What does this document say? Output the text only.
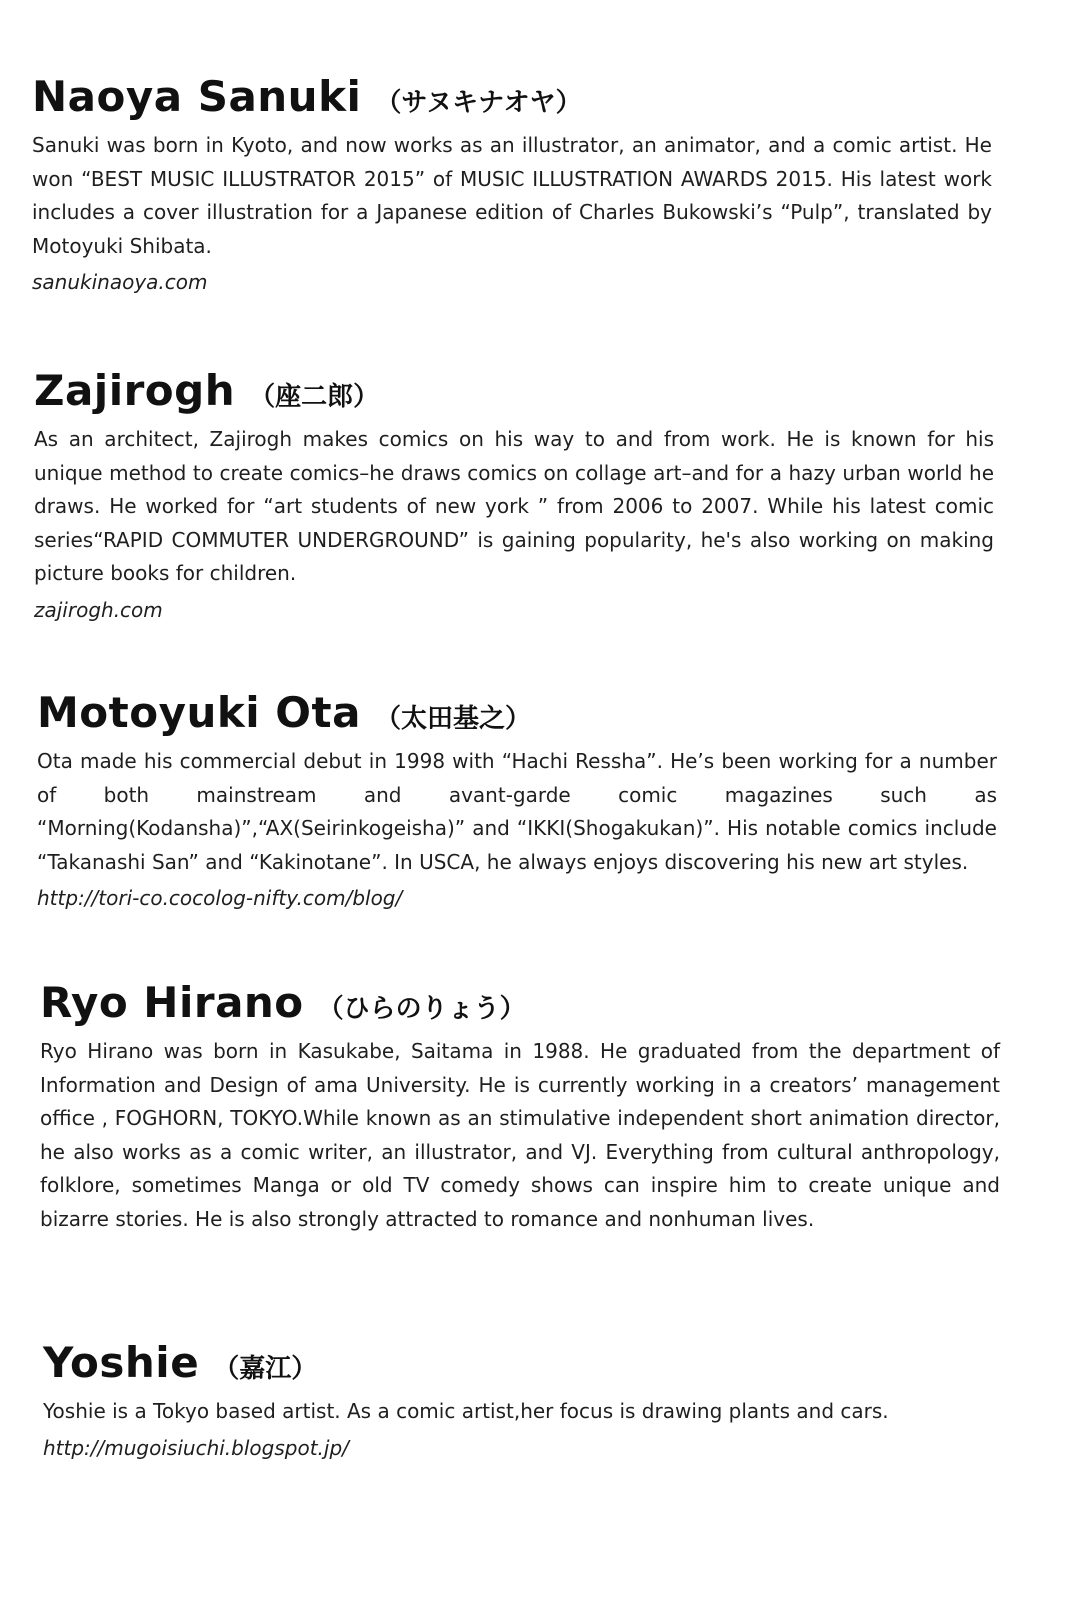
Naoya Sanuki （サヌキナオヤ）

Sanuki was born in Kyoto, and now works as an illustrator, an animator, and a comic artist. He won “BEST MUSIC ILLUSTRATOR 2015” of MUSIC ILLUSTRATION AWARDS 2015. His latest work includes a cover illustration for a Japanese edition of Charles Bukowski’s “Pulp”, translated by Motoyuki Shibata.

sanukinaoya.com
Zajirogh （座二郎）

As an architect, Zajirogh makes comics on his way to and from work. He is known for his unique method to create comics–he draws comics on collage art–and for a hazy urban world he draws. He worked for “art students of new york ” from 2006 to 2007. While his latest comic series“RAPID COMMUTER UNDERGROUND” is gaining popularity, he's also working on making picture books for children.

zajirogh.com
Motoyuki Ota （太田基之）

Ota made his commercial debut in 1998 with “Hachi Ressha”. He’s been working for a number of both mainstream and avant-garde comic magazines such as “Morning(Kodansha)”,“AX(Seirinkogeisha)” and “IKKI(Shogakukan)”. His notable comics include “Takanashi San” and “Kakinotane”. In USCA, he always enjoys discovering his new art styles.

http://tori-co.cocolog-nifty.com/blog/
Ryo Hirano （ひらのりょう）

Ryo Hirano was born in Kasukabe, Saitama in 1988. He graduated from the department of Information and Design of ama University. He is currently working in a creators’ management office , FOGHORN, TOKYO.While known as an stimulative independent short animation director, he also works as a comic writer, an illustrator, and VJ. Everything from cultural anthropology, folklore, sometimes Manga or old TV comedy shows can inspire him to create unique and bizarre stories. He is also strongly attracted to romance and nonhuman lives.

Yoshie （嘉江）

Yoshie is a Tokyo based artist. As a comic artist,her focus is drawing plants and cars.

http://mugoisiuchi.blogspot.jp/
